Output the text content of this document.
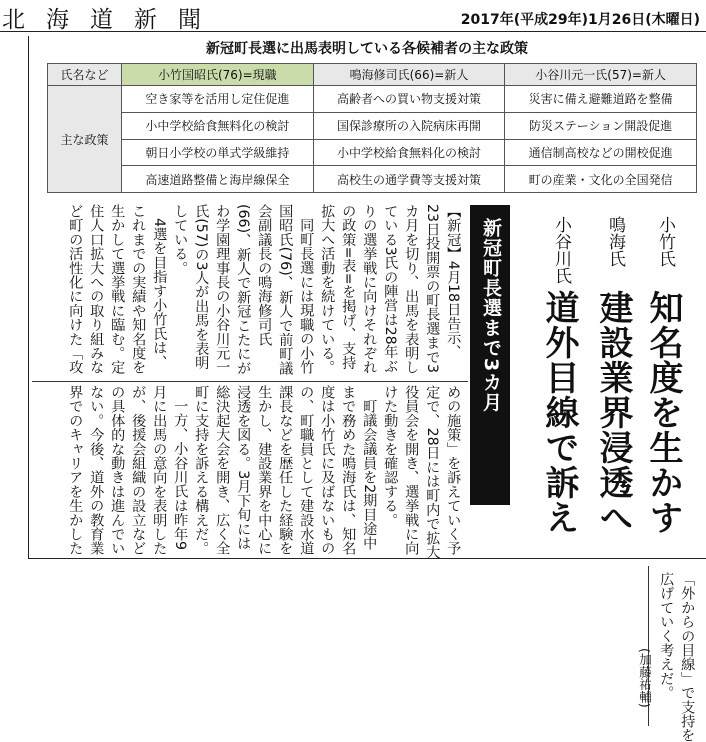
北海道新聞	2017年(平成29年)1月26日(木曜日)
新冠町長選に出馬表明している各候補者の主な政策
氏名など	小竹国昭氏(76)=現職	鳴海修司氏(66)=新人	小谷川元一氏(57)=新人
主な政策	空き家等を活用し定住促進	高齢者への買い物支援対策	災害に備え避難道路を整備
	小中学校給食無料化の検討	国保診療所の入院病床再開	防災ステーション開設促進
	朝日小学校の単式学級維持	小中学校給食無料化の検討	通信制高校などの開校促進
	高速道路整備と海岸線保全	高校生の通学費等支援対策	町の産業・文化の全国発信
小竹氏
知名度を生かす
鳴海氏
建設業界浸透へ
小谷川氏
道外目線で訴え
新冠町長選まで3カ月
【新冠】4月18日告示、
23日投開票の町長選まで3
カ月を切り、出馬を表明し
ている3氏の陣営は28年ぶ
りの選挙戦に向けそれぞれ
の政策=表=を掲げ、支持
拡大へ活動を続けている。
同町長選には現職の小竹
国昭氏(76)、新人で前町議
会副議長の鳴海修司氏
(66)、新人で新冠こたにが
わ学園理事長の小谷川元一
氏(57)の3人が出馬を表明
している。
4選を目指す小竹氏は、
これまでの実績や知名度を
生かして選挙戦に臨む。定
住人口拡大への取り組みな
ど町の活性化に向けた「攻
めの施策」を訴えていく予
定で、28日には町内で拡大
役員会を開き、選挙戦に向
けた動きを確認する。
町議会議員を2期目途中
まで務めた鳴海氏は、知名
度は小竹氏に及ばないもの
の、町職員として建設水道
課長などを歴任した経験を
生かし、建設業界を中心に
浸透を図る。3月下旬には
総決起大会を開き、広く全
町に支持を訴える構えだ。
一方、小谷川氏は昨年9
月に出馬の意向を表明した
が、後援会組織の設立など
の具体的な動きは進んでい
ない。今後、道外の教育業
界でのキャリアを生かした
「外からの目線」で支持を
広げていく考えだ。
(加藤祐輔)
